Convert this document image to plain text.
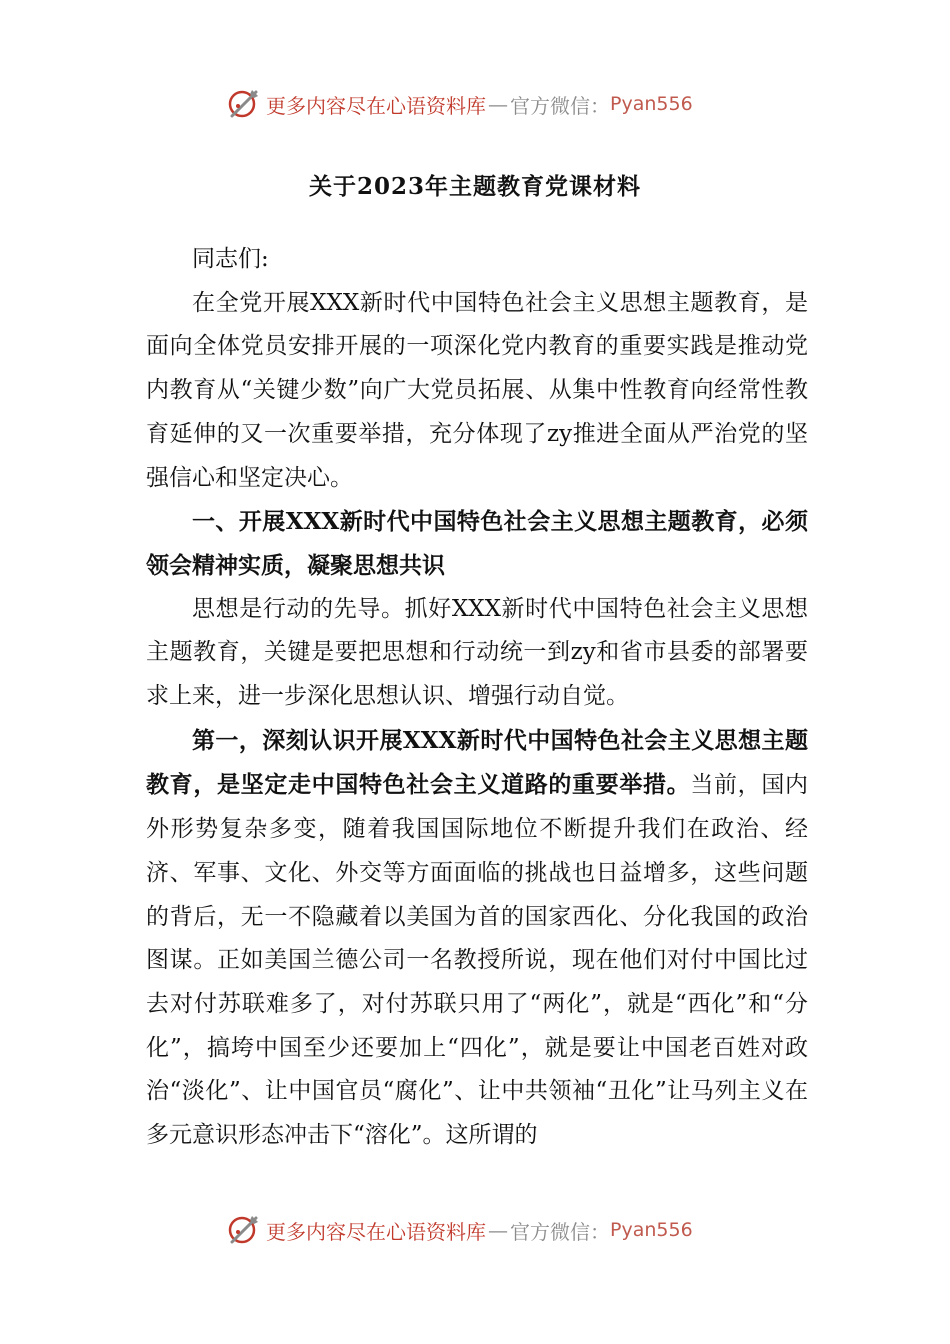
更多内容尽在心语资料库 — 官方微信： Pyan556
关于2023年主题教育党课材料

同志们:

在全党开展XXX新时代中国特色社会主义思想主题教育，是面向全体党员安排开展的一项深化党内教育的重要实践是推动党内教育从“关键少数”向广大党员拓展、从集中性教育向经常性教育延伸的又一次重要举措，充分体现了zy推进全面从严治党的坚强信心和坚定决心。

一、开展XXX新时代中国特色社会主义思想主题教育，必须领会精神实质，凝聚思想共识

思想是行动的先导。抓好XXX新时代中国特色社会主义思想主题教育，关键是要把思想和行动统一到zy和省市县委的部署要求上来，进一步深化思想认识、增强行动自觉。

第一，深刻认识开展XXX新时代中国特色社会主义思想主题教育，是坚定走中国特色社会主义道路的重要举措。当前，国内外形势复杂多变，随着我国国际地位不断提升我们在政治、经济、军事、文化、外交等方面面临的挑战也日益增多，这些问题的背后，无一不隐藏着以美国为首的国家西化、分化我国的政治图谋。正如美国兰德公司一名教授所说，现在他们对付中国比过去对付苏联难多了，对付苏联只用了“两化”，就是“西化”和“分化”，搞垮中国至少还要加上“四化”，就是要让中国老百姓对政治“淡化”、让中国官员“腐化”、让中共领袖“丑化”让马列主义在多元意识形态冲击下“溶化”。这所谓的

更多内容尽在心语资料库 — 官方微信： Pyan556
